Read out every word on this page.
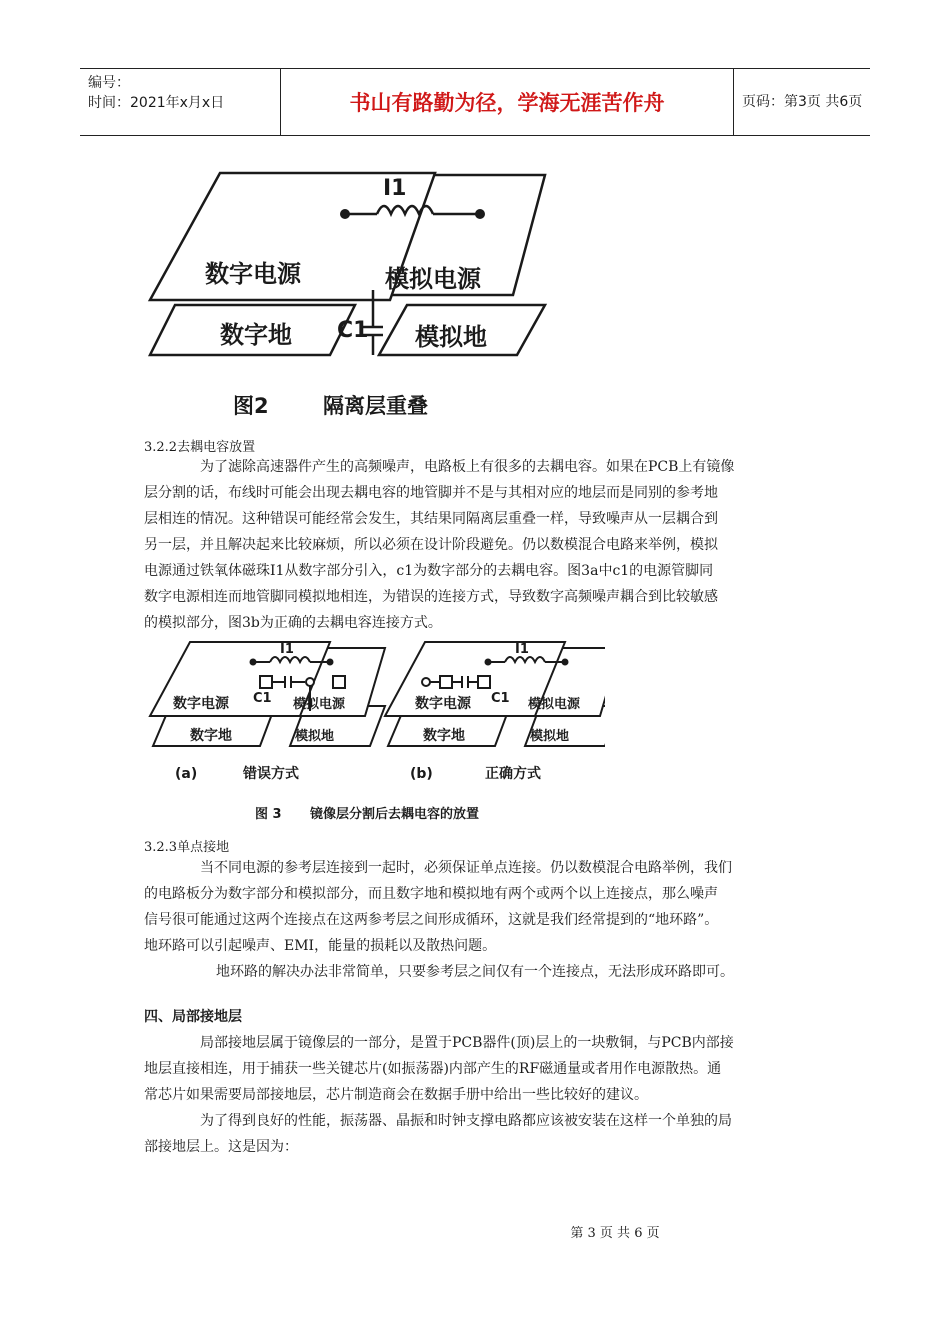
编号：
时间：2021年x月x日	书山有路勤为径，学海无涯苦作舟	页码：第3页 共6页
I1
C1
数字电源	模拟电源
数字地	模拟地
图2	隔离层重叠
3.2.2去耦电容放置

为了滤除高速器件产生的高频噪声，电路板上有很多的去耦电容。如果在PCB上有镜像
层分割的话，布线时可能会出现去耦电容的地管脚并不是与其相对应的地层而是同别的参考地
层相连的情况。这种错误可能经常会发生，其结果同隔离层重叠一样，导致噪声从一层耦合到
另一层，并且解决起来比较麻烦，所以必须在设计阶段避免。仍以数模混合电路来举例，模拟
电源通过铁氧体磁珠I1从数字部分引入，c1为数字部分的去耦电容。图3a中c1的电源管脚同
数字电源相连而地管脚同模拟地相连，为错误的连接方式，导致数字高频噪声耦合到比较敏感
的模拟部分，图3b为正确的去耦电容连接方式。

I1
C1
数字电源	模拟电源
数字地	模拟地
(a)	错误方式
I1
C1
数字电源	模拟电源
数字地	模拟地
(b)	正确方式
图 3 镜像层分割后去耦电容的放置
3.2.3单点接地

当不同电源的参考层连接到一起时，必须保证单点连接。仍以数模混合电路举例，我们
的电路板分为数字部分和模拟部分，而且数字地和模拟地有两个或两个以上连接点，那么噪声
信号很可能通过这两个连接点在这两参考层之间形成循环，这就是我们经常提到的“地环路”。
地环路可以引起噪声、EMI，能量的损耗以及散热问题。
地环路的解决办法非常简单，只要参考层之间仅有一个连接点，无法形成环路即可。

四、局部接地层

局部接地层属于镜像层的一部分，是置于PCB器件(顶)层上的一块敷铜，与PCB内部接
地层直接相连，用于捕获一些关键芯片(如振荡器)内部产生的RF磁通量或者用作电源散热。通
常芯片如果需要局部接地层，芯片制造商会在数据手册中给出一些比较好的建议。
为了得到良好的性能，振荡器、晶振和时钟支撑电路都应该被安装在这样一个单独的局
部接地层上。这是因为：

第 3 页 共 6 页
